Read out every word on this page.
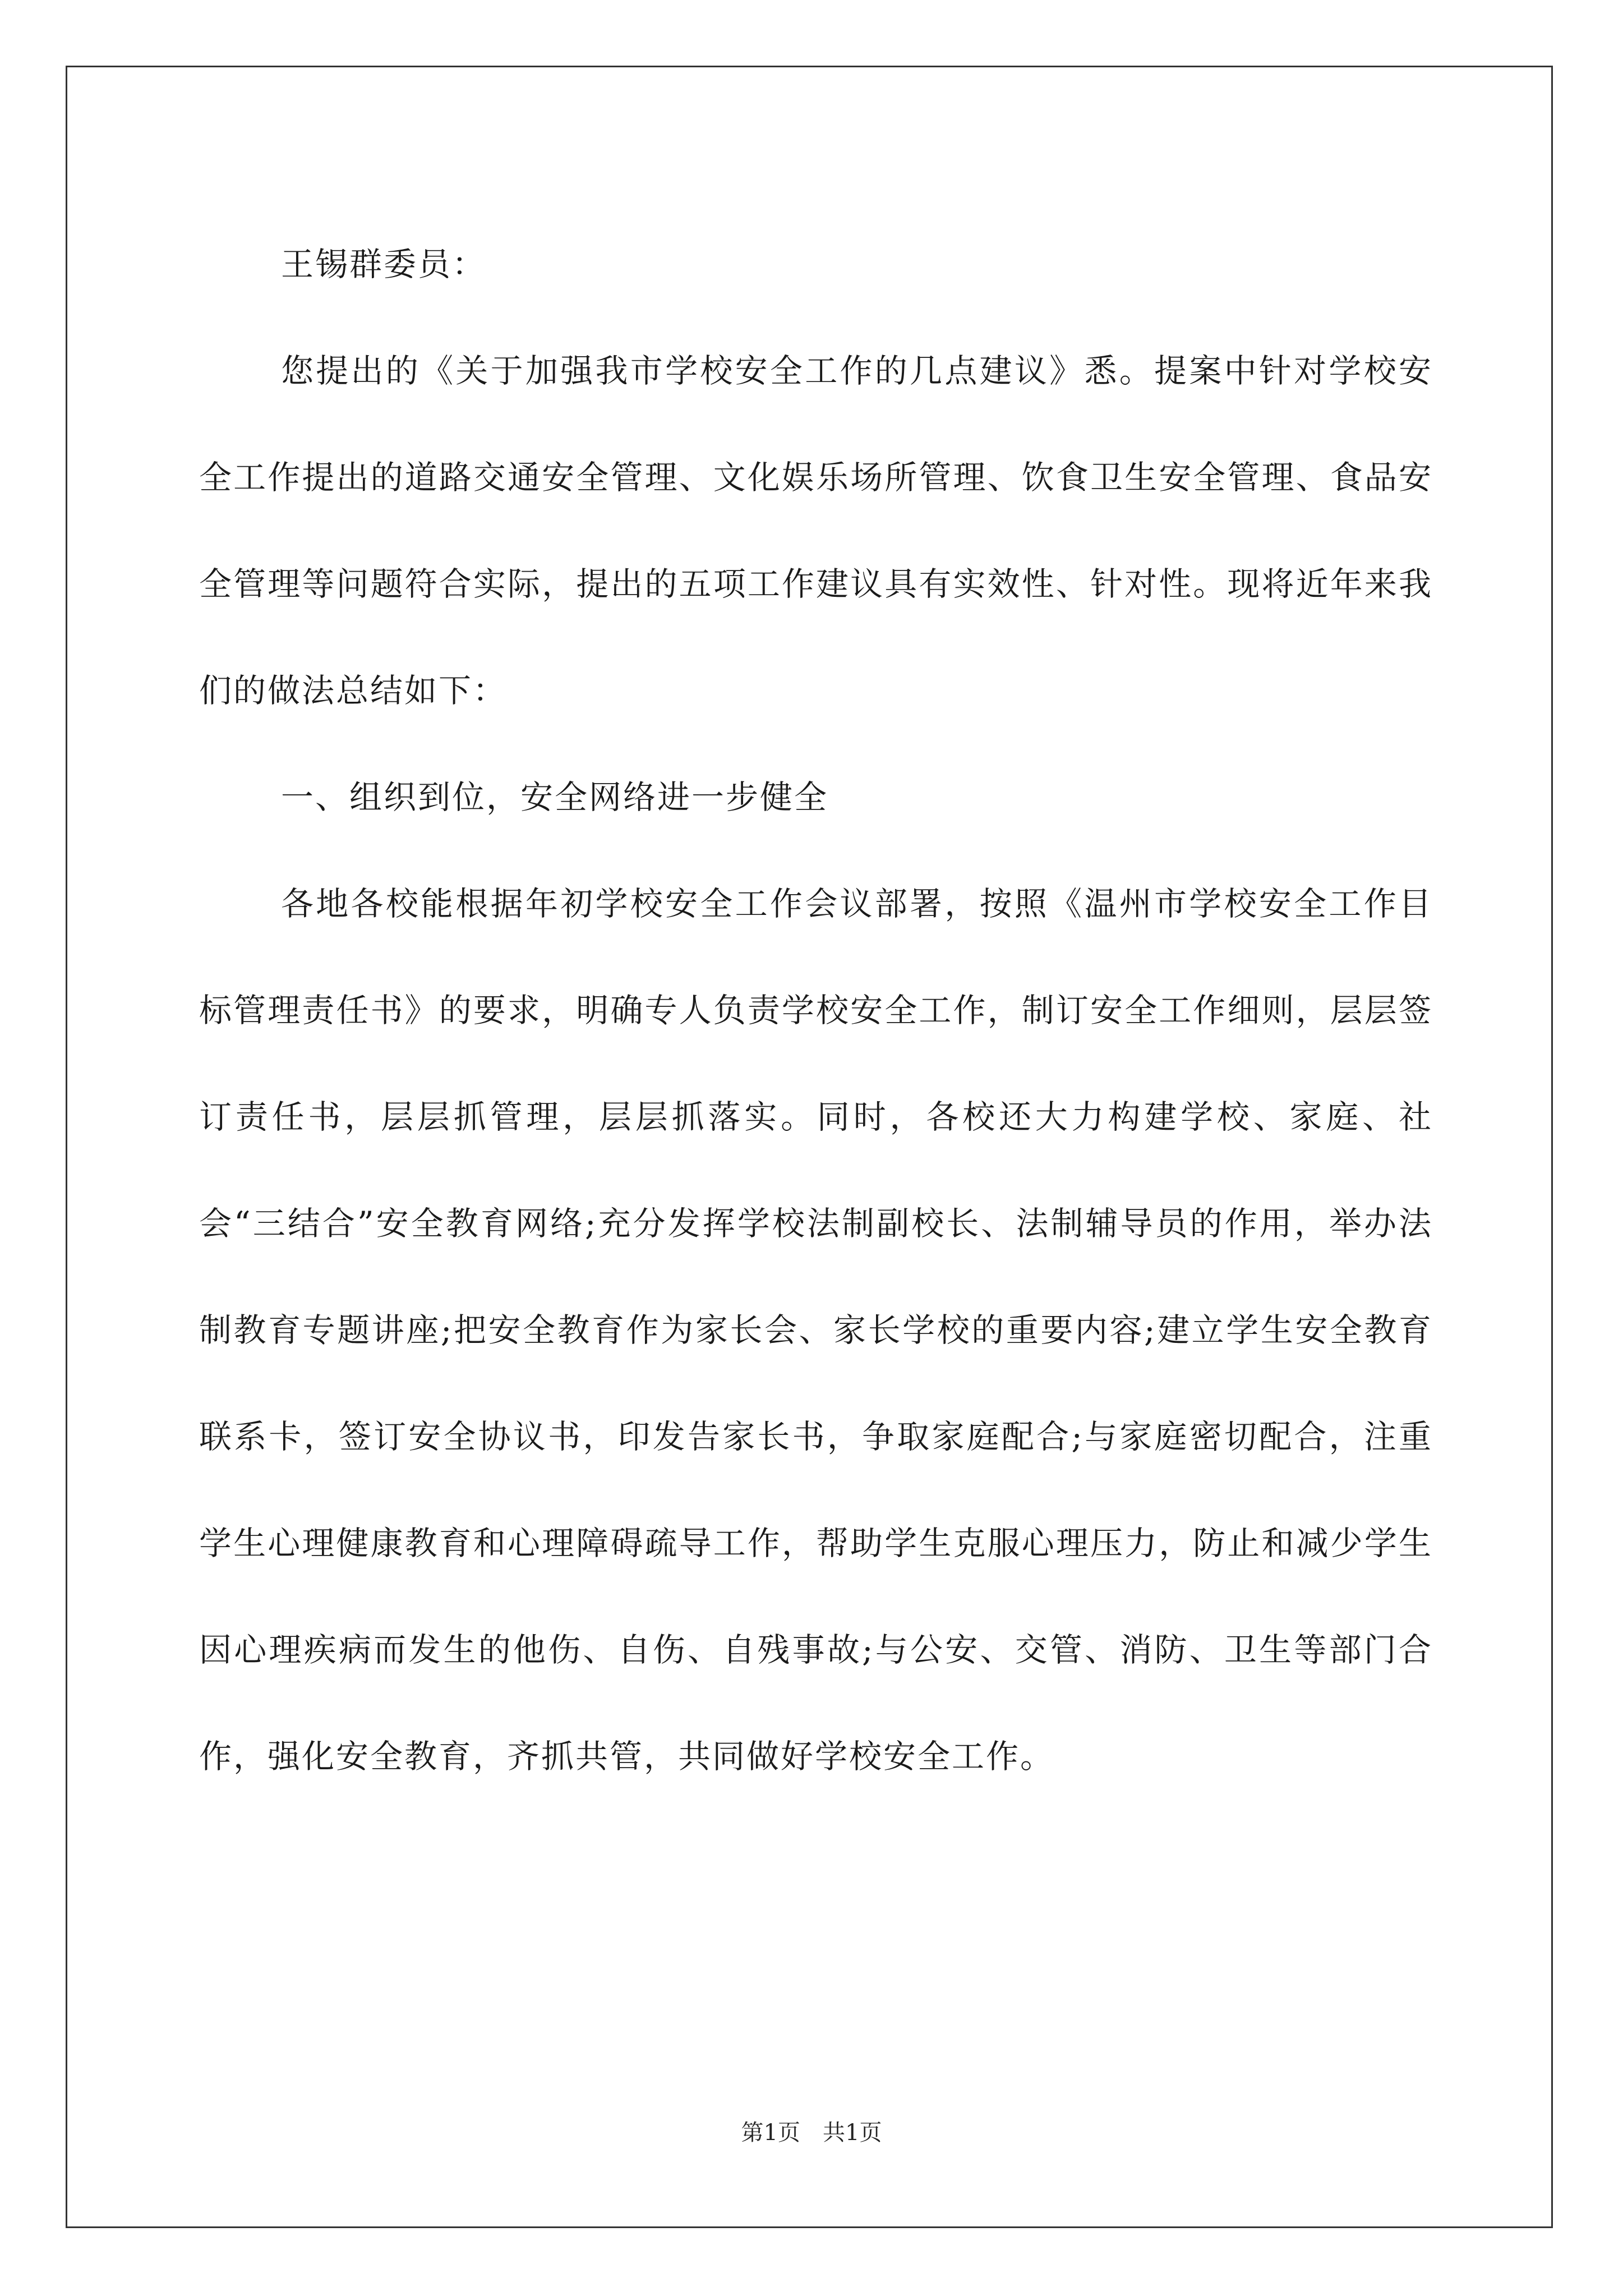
王锡群委员：

您提出的《关于加强我市学校安全工作的几点建议》悉。提案中针对学校安全工作提出的道路交通安全管理、文化娱乐场所管理、饮食卫生安全管理、食品安全管理等问题符合实际，提出的五项工作建议具有实效性、针对性。现将近年来我们的做法总结如下：

一、组织到位，安全网络进一步健全

各地各校能根据年初学校安全工作会议部署，按照《温州市学校安全工作目标管理责任书》的要求，明确专人负责学校安全工作，制订安全工作细则，层层签订责任书，层层抓管理，层层抓落实。同时，各校还大力构建学校、家庭、社会“三结合”安全教育网络;充分发挥学校法制副校长、法制辅导员的作用，举办法制教育专题讲座;把安全教育作为家长会、家长学校的重要内容;建立学生安全教育联系卡，签订安全协议书，印发告家长书，争取家庭配合;与家庭密切配合，注重学生心理健康教育和心理障碍疏导工作，帮助学生克服心理压力，防止和减少学生因心理疾病而发生的他伤、自伤、自残事故;与公安、交管、消防、卫生等部门合作，强化安全教育，齐抓共管，共同做好学校安全工作。

第1页　共1页
